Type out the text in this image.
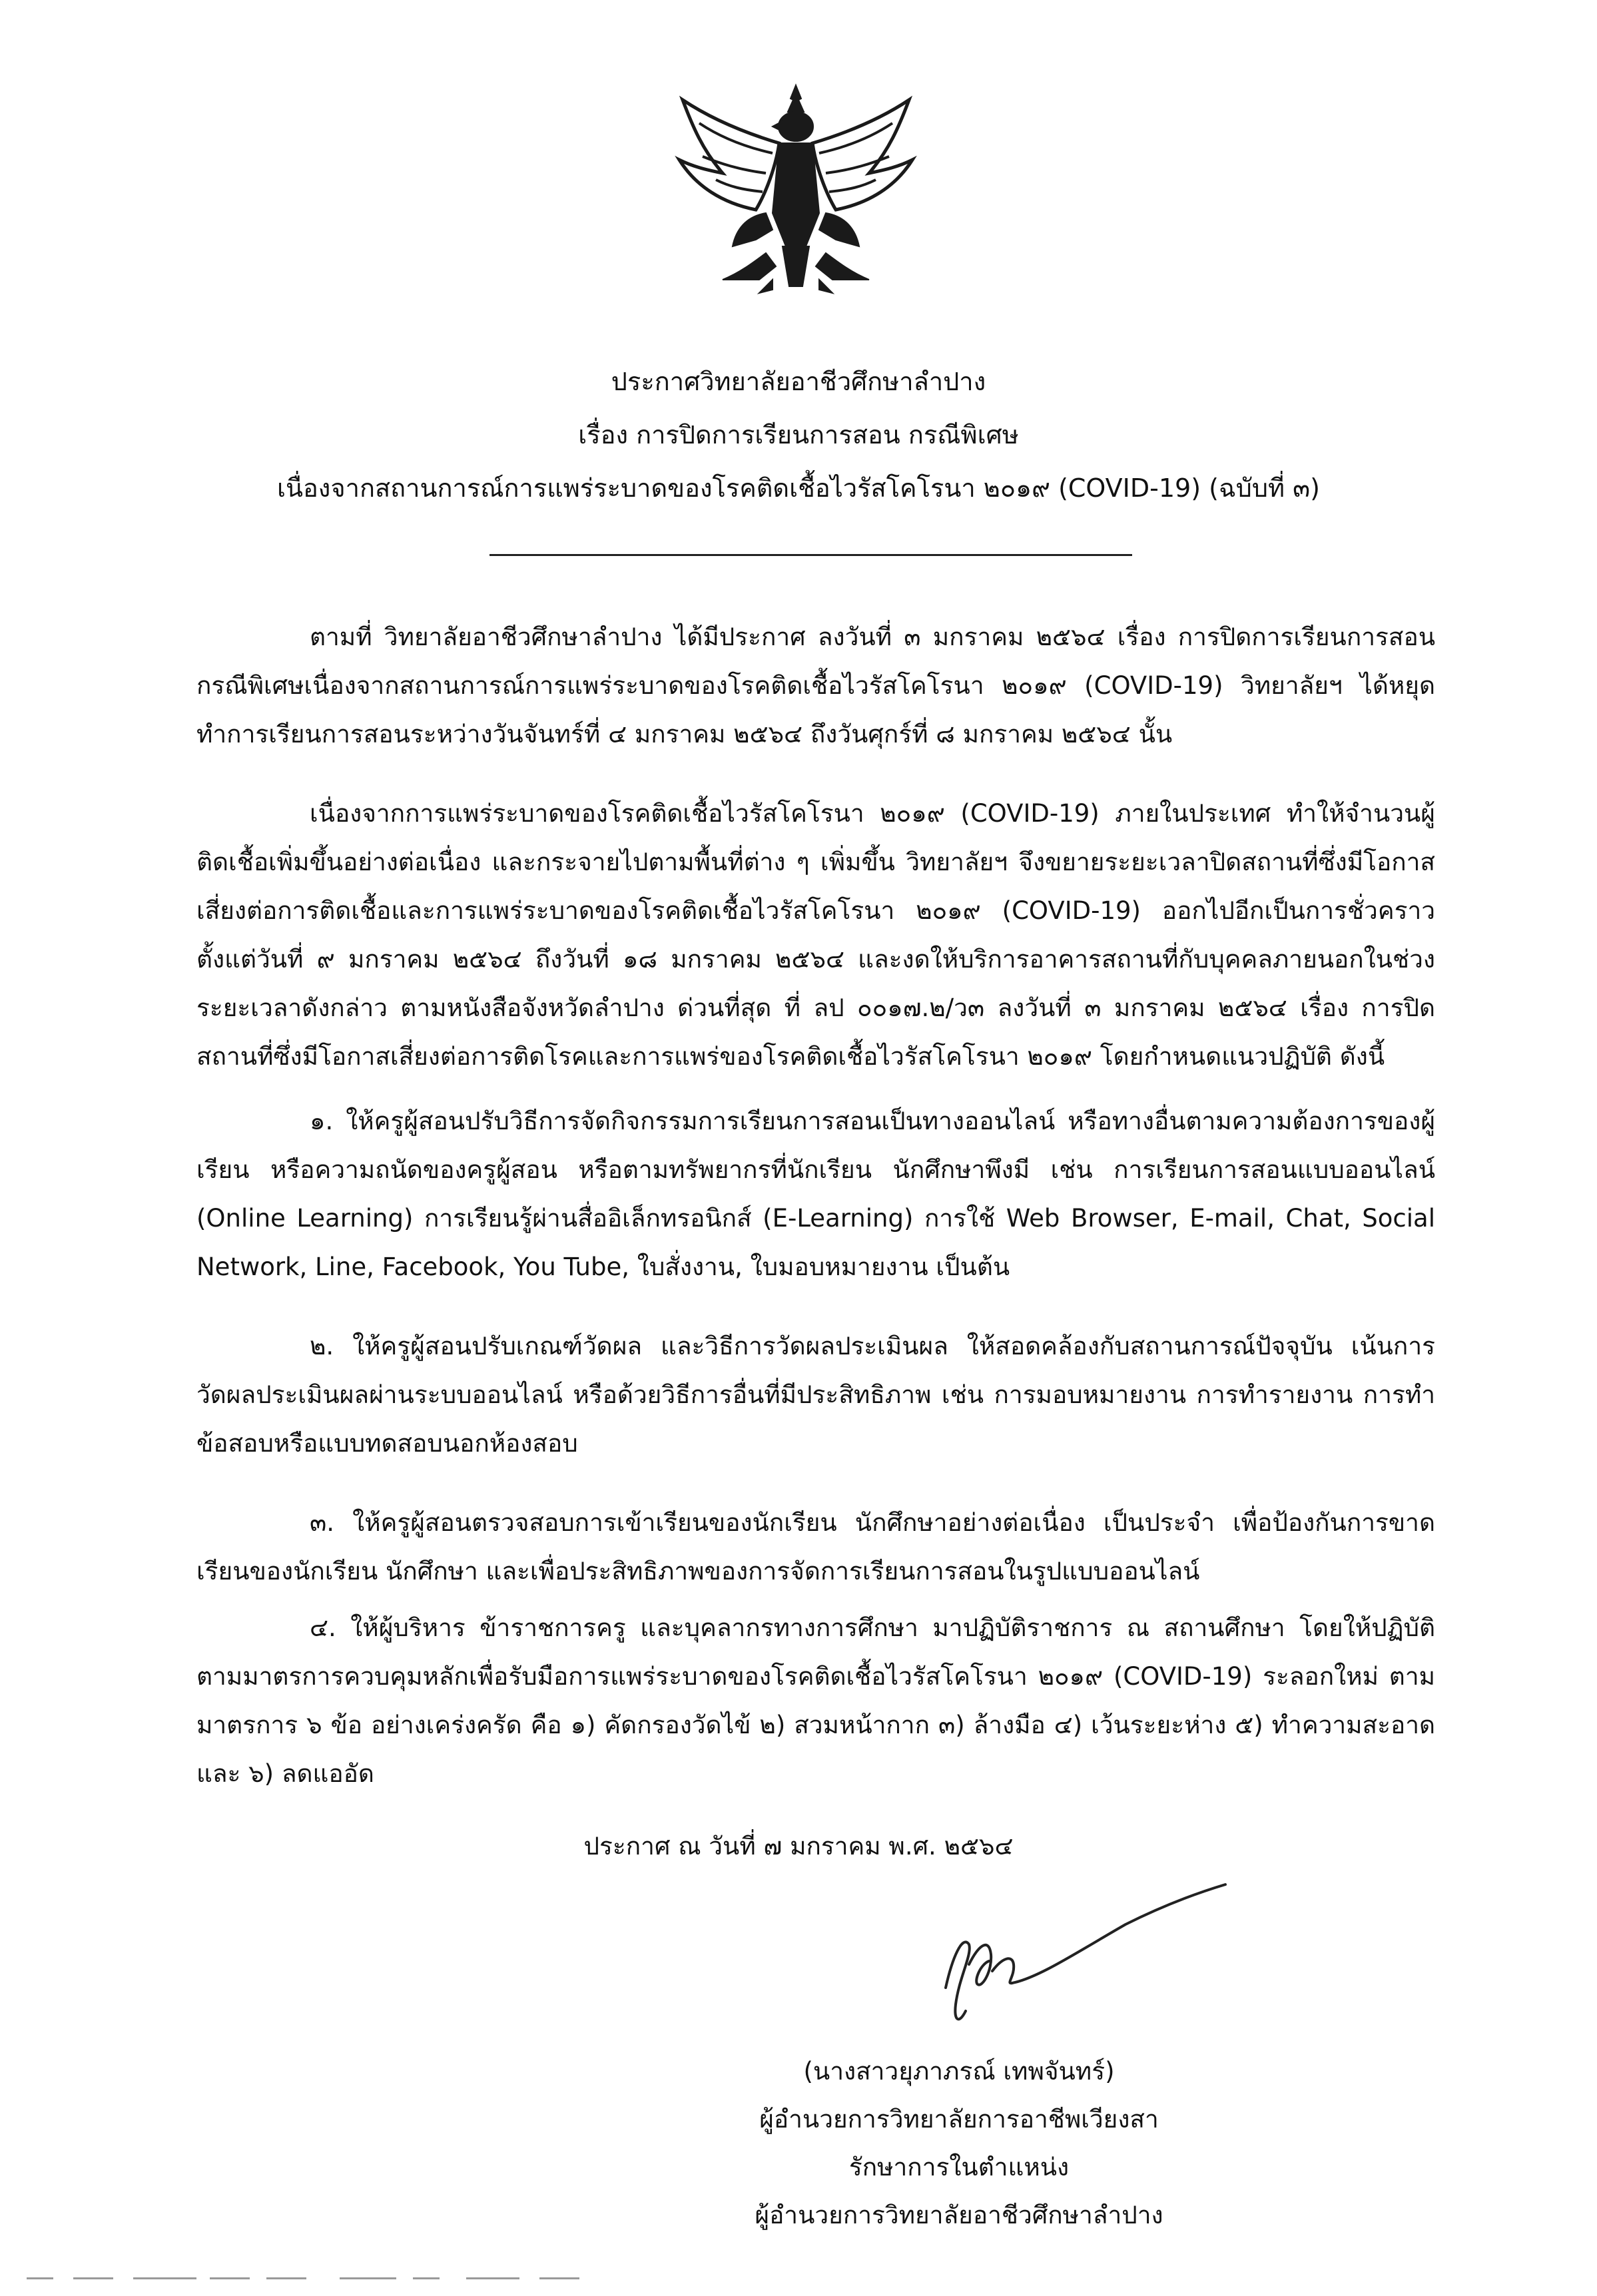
ประกาศวิทยาลัยอาชีวศึกษาลำปาง
เรื่อง การปิดการเรียนการสอน กรณีพิเศษ
เนื่องจากสถานการณ์การแพร่ระบาดของโรคติดเชื้อไวรัสโคโรนา ๒๐๑๙ (COVID-19) (ฉบับที่ ๓)
ตามที่ วิทยาลัยอาชีวศึกษาลำปาง ได้มีประกาศ ลงวันที่ ๓ มกราคม ๒๕๖๔ เรื่อง การปิดการเรียนการสอน กรณีพิเศษเนื่องจากสถานการณ์การแพร่ระบาดของโรคติดเชื้อไวรัสโคโรนา ๒๐๑๙ (COVID-19) วิทยาลัยฯ ได้หยุดทำการเรียนการสอนระหว่างวันจันทร์ที่ ๔ มกราคม ๒๕๖๔ ถึงวันศุกร์ที่ ๘ มกราคม ๒๕๖๔ นั้น
เนื่องจากการแพร่ระบาดของโรคติดเชื้อไวรัสโคโรนา ๒๐๑๙ (COVID-19) ภายในประเทศ ทำให้จำนวนผู้ติดเชื้อเพิ่มขึ้นอย่างต่อเนื่อง และกระจายไปตามพื้นที่ต่าง ๆ เพิ่มขึ้น วิทยาลัยฯ จึงขยายระยะเวลาปิดสถานที่ซึ่งมีโอกาสเสี่ยงต่อการติดเชื้อและการแพร่ระบาดของโรคติดเชื้อไวรัสโคโรนา ๒๐๑๙ (COVID-19) ออกไปอีกเป็นการชั่วคราว ตั้งแต่วันที่ ๙ มกราคม ๒๕๖๔ ถึงวันที่ ๑๘ มกราคม ๒๕๖๔ และงดให้บริการอาคารสถานที่กับบุคคลภายนอกในช่วงระยะเวลาดังกล่าว ตามหนังสือจังหวัดลำปาง ด่วนที่สุด ที่ ลป ๐๐๑๗.๒/ว๓ ลงวันที่ ๓ มกราคม ๒๕๖๔ เรื่อง การปิดสถานที่ซึ่งมีโอกาสเสี่ยงต่อการติดโรคและการแพร่ของโรคติดเชื้อไวรัสโคโรนา ๒๐๑๙ โดยกำหนดแนวปฏิบัติ ดังนี้
๑. ให้ครูผู้สอนปรับวิธีการจัดกิจกรรมการเรียนการสอนเป็นทางออนไลน์ หรือทางอื่นตามความต้องการของผู้เรียน หรือความถนัดของครูผู้สอน หรือตามทรัพยากรที่นักเรียน นักศึกษาพึงมี เช่น การเรียนการสอนแบบออนไลน์ (Online Learning) การเรียนรู้ผ่านสื่ออิเล็กทรอนิกส์ (E-Learning) การใช้ Web Browser, E-mail, Chat, Social Network, Line, Facebook, You Tube, ใบสั่งงาน, ใบมอบหมายงาน เป็นต้น
๒. ให้ครูผู้สอนปรับเกณฑ์วัดผล และวิธีการวัดผลประเมินผล ให้สอดคล้องกับสถานการณ์ปัจจุบัน เน้นการวัดผลประเมินผลผ่านระบบออนไลน์ หรือด้วยวิธีการอื่นที่มีประสิทธิภาพ เช่น การมอบหมายงาน การทำรายงาน การทำข้อสอบหรือแบบทดสอบนอกห้องสอบ
๓. ให้ครูผู้สอนตรวจสอบการเข้าเรียนของนักเรียน นักศึกษาอย่างต่อเนื่อง เป็นประจำ เพื่อป้องกันการขาดเรียนของนักเรียน นักศึกษา และเพื่อประสิทธิภาพของการจัดการเรียนการสอนในรูปแบบออนไลน์
๔. ให้ผู้บริหาร ข้าราชการครู และบุคลากรทางการศึกษา มาปฏิบัติราชการ ณ สถานศึกษา โดยให้ปฏิบัติตามมาตรการควบคุมหลักเพื่อรับมือการแพร่ระบาดของโรคติดเชื้อไวรัสโคโรนา ๒๐๑๙ (COVID-19) ระลอกใหม่ ตามมาตรการ ๖ ข้อ อย่างเคร่งครัด คือ ๑) คัดกรองวัดไข้ ๒) สวมหน้ากาก ๓) ล้างมือ ๔) เว้นระยะห่าง ๕) ทำความสะอาด และ ๖) ลดแออัด
ประกาศ ณ วันที่ ๗ มกราคม พ.ศ. ๒๕๖๔
(นางสาวยุภาภรณ์ เทพจันทร์)
ผู้อำนวยการวิทยาลัยการอาชีพเวียงสา
รักษาการในตำแหน่ง
ผู้อำนวยการวิทยาลัยอาชีวศึกษาลำปาง
